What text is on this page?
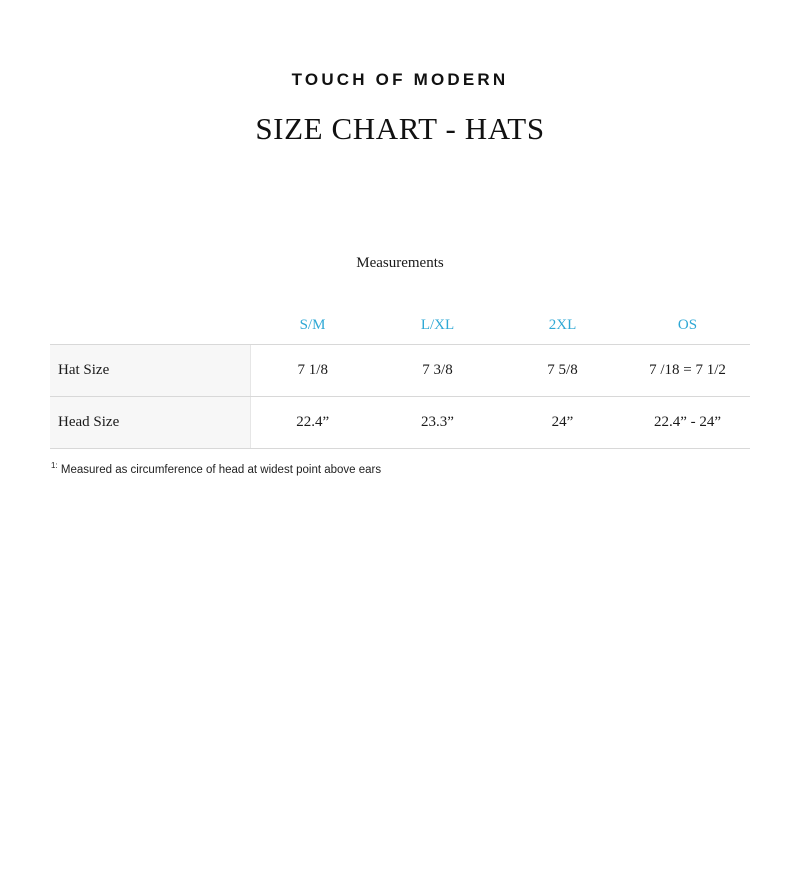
TOUCH OF MODERN
SIZE CHART - HATS
Measurements
	S/M	L/XL	2XL	OS
Hat Size	7 1/8	7 3/8	7 5/8	7 /18 = 7 1/2
Head Size	22.4”	23.3”	24”	22.4” - 24”
$^{1:}$ Measured as circumference of head at widest point above ears
